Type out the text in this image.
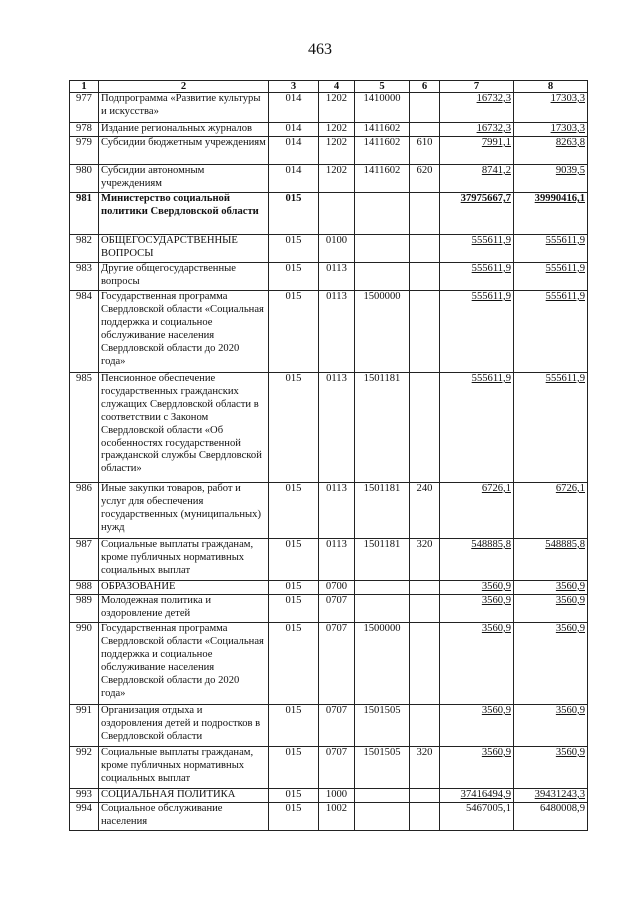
463
1	2	3	4	5	6	7	8
977	Подпрограмма «Развитие культуры и искусства»	014	1202	1410000		16732,3	17303,3
978	Издание региональных журналов	014	1202	1411602		16732,3	17303,3
979	Субсидии бюджетным учреждениям	014	1202	1411602	610	7991,1	8263,8
980	Субсидии автономным учреждениям	014	1202	1411602	620	8741,2	9039,5
981	Министерство социальной политики Свердловской области	015				37975667,7	39990416,1
982	ОБЩЕГОСУДАРСТВЕННЫЕ ВОПРОСЫ	015	0100			555611,9	555611,9
983	Другие общегосударственные вопросы	015	0113			555611,9	555611,9
984	Государственная программа Свердловской области «Социальная поддержка и социальное обслуживание населения Свердловской области до 2020 года»	015	0113	1500000		555611,9	555611,9
985	Пенсионное обеспечение государственных гражданских служащих Свердловской области в соответствии с Законом Свердловской области «Об особенностях государственной гражданской службы Свердловской области»	015	0113	1501181		555611,9	555611,9
986	Иные закупки товаров, работ и услуг для обеспечения государственных (муниципальных) нужд	015	0113	1501181	240	6726,1	6726,1
987	Социальные выплаты гражданам, кроме публичных нормативных социальных выплат	015	0113	1501181	320	548885,8	548885,8
988	ОБРАЗОВАНИЕ	015	0700			3560,9	3560,9
989	Молодежная политика и оздоровление детей	015	0707			3560,9	3560,9
990	Государственная программа Свердловской области «Социальная поддержка и социальное обслуживание населения Свердловской области до 2020 года»	015	0707	1500000		3560,9	3560,9
991	Организация отдыха и оздоровления детей и подростков в Свердловской области	015	0707	1501505		3560,9	3560,9
992	Социальные выплаты гражданам, кроме публичных нормативных социальных выплат	015	0707	1501505	320	3560,9	3560,9
993	СОЦИАЛЬНАЯ ПОЛИТИКА	015	1000			37416494,9	39431243,3
994	Социальное обслуживание населения	015	1002			5467005,1	6480008,9
